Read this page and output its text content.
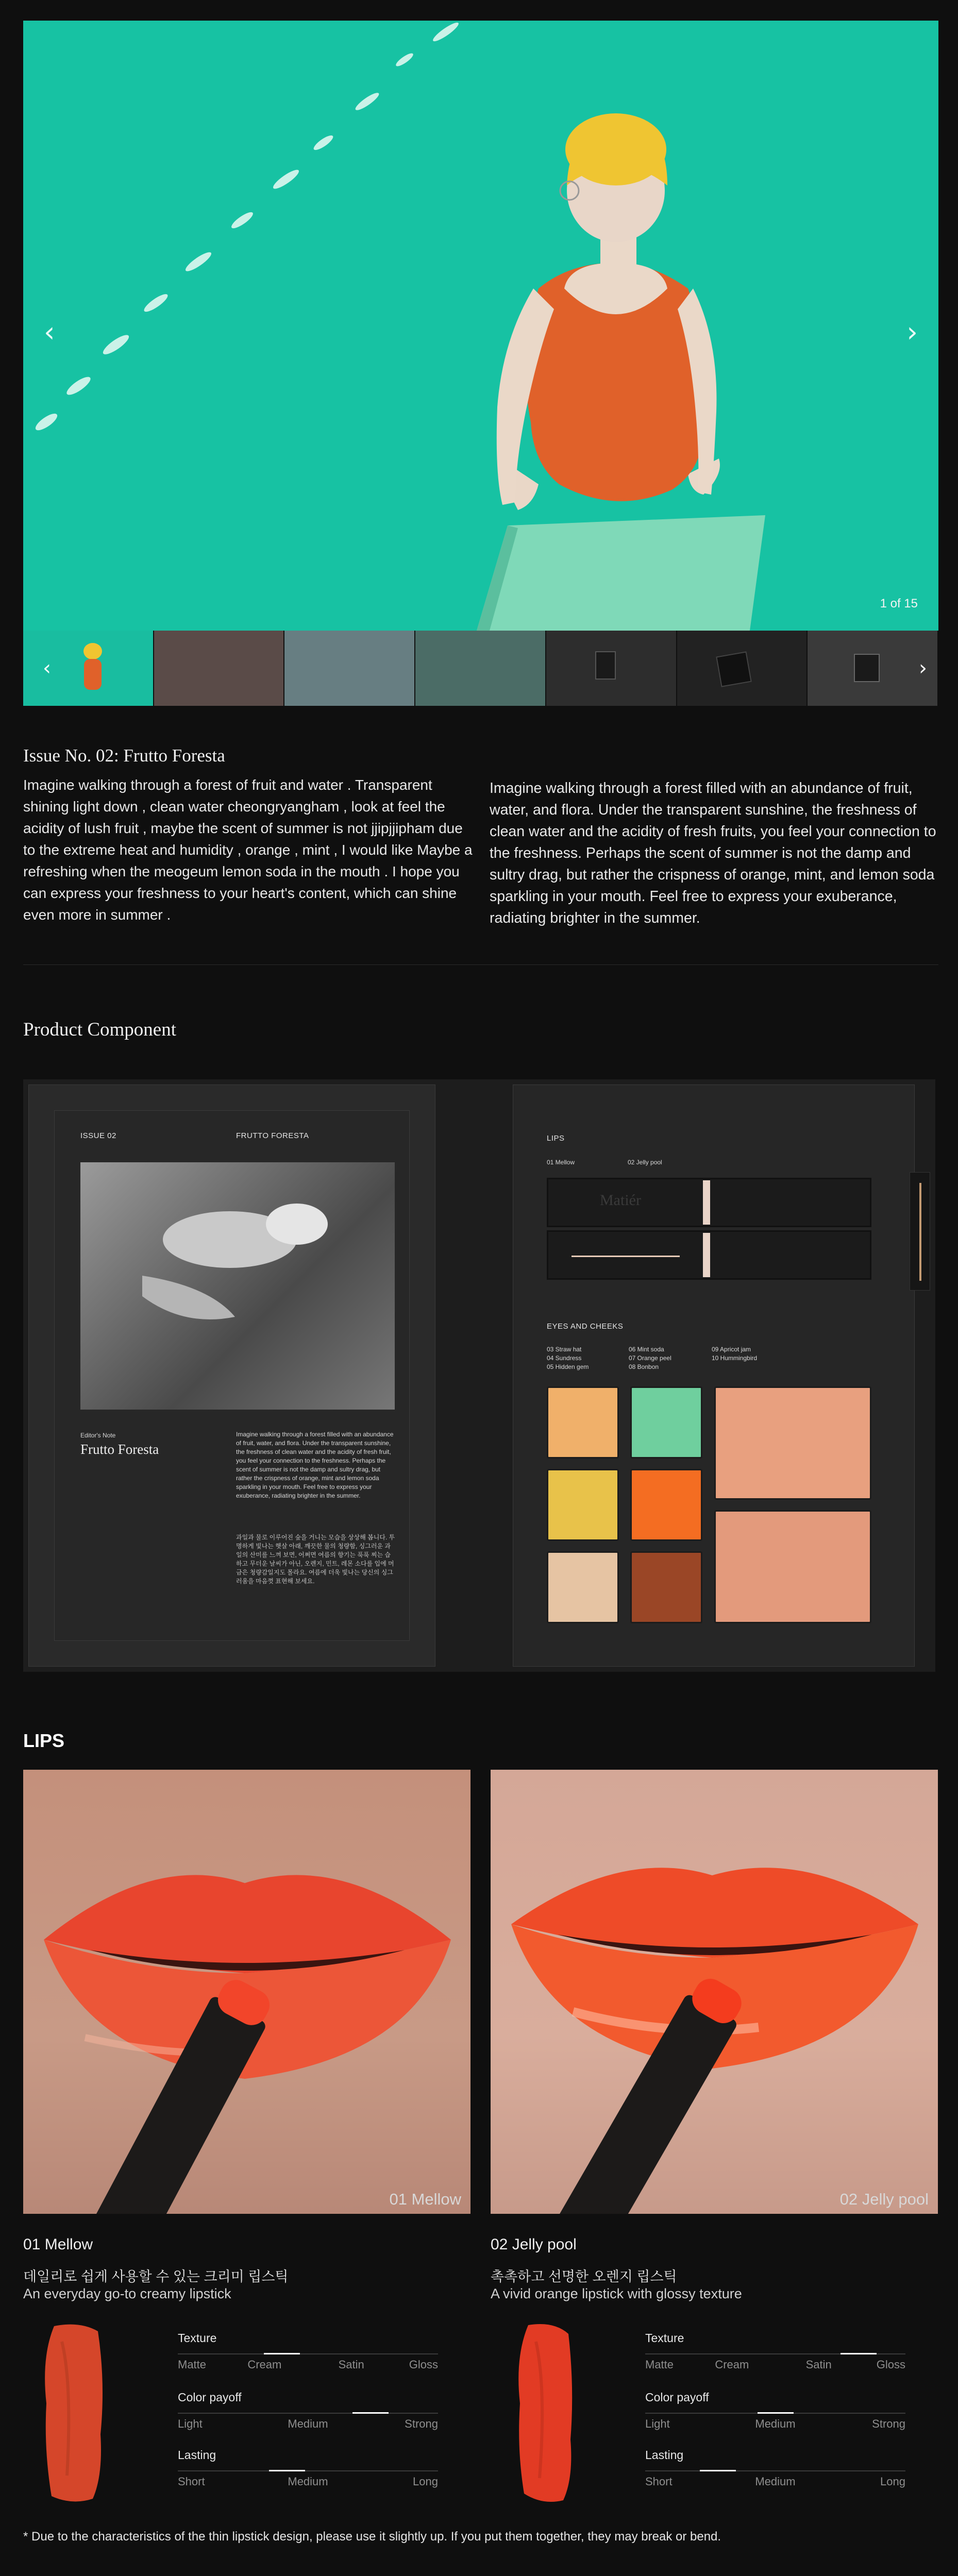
‹	›
1 of 15
‹	›
Issue No. 02: Frutto Foresta

Imagine walking through a forest of fruit and water . Transparent shining light down , clean water cheongryangham , look at feel the acidity of lush fruit , maybe the scent of summer is not jjipjjipham due to the extreme heat and humidity , orange , mint , I would like Maybe a refreshing when the meogeum lemon soda in the mouth . I hope you can express your freshness to your heart's content, which can shine even more in summer .

Imagine walking through a forest filled with an abundance of fruit, water, and flora. Under the transparent sunshine, the freshness of clean water and the acidity of fresh fruits, you feel your connection to the freshness. Perhaps the scent of summer is not the damp and sultry drag, but rather the crispness of orange, mint, and lemon soda sparkling in your mouth. Feel free to express your exuberance, radiating brighter in the summer.

Product Component
ISSUE 02	FRUTTO FORESTA
Editor's Note
Frutto Foresta

Imagine walking through a forest filled with an abundance of fruit, water, and flora. Under the transparent sunshine, the freshness of clean water and the acidity of fresh fruit, you feel your connection to the freshness. Perhaps the scent of summer is not the damp and sultry drag, but rather the crispness of orange, mint and lemon soda sparkling in your mouth. Feel free to express your exuberance, radiating brighter in the summer.

과일과 물로 이루어진 숲을 거니는 모습을 상상해 봅니다. 투명하게 빛나는 햇살 아래, 깨끗한 물의 청량함, 싱그러운 과일의 산미를 느껴 보면, 어쩌면 여름의 향기는 푹푹 찌는 습하고 무더운 날씨가 아닌, 오렌지, 민트, 레몬 소다를 입에 머금은 청량감일지도 몰라요. 여름에 더욱 빛나는 당신의 싱그러움을 마음껏 표현해 보세요.

LIPS
01 Mellow	02 Jelly pool
Matiér
EYES AND CHEEKS
03 Straw hat
04 Sundress
05 Hidden gem
06 Mint soda
07 Orange peel
08 Bonbon
09 Apricot jam
10 Hummingbird
LIPS
01 Mellow	02 Jelly pool
01 Mellow
데일리로 쉽게 사용할 수 있는 크리미 립스틱
An everyday go-to creamy lipstick
02 Jelly pool
촉촉하고 선명한 오렌지 립스틱
A vivid orange lipstick with glossy texture
Texture
Matte	Cream	Satin	Gloss
Color payoff
Light	Medium	Strong
Lasting
Short	Medium	Long
Texture
Matte	Cream	Satin	Gloss
Color payoff
Light	Medium	Strong
Lasting
Short	Medium	Long
* Due to the characteristics of the thin lipstick design, please use it slightly up. If you put them together, they may break or bend.
